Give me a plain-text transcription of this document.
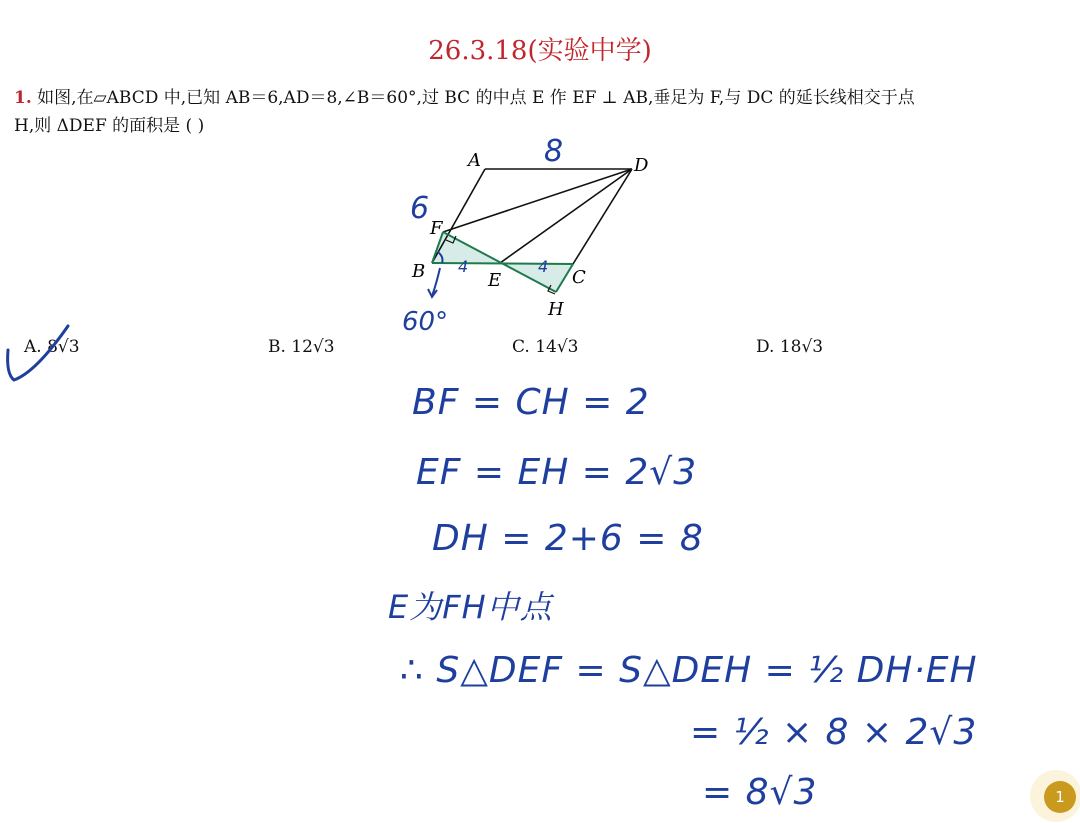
26.3.18(实验中学)
1. 如图,在▱ABCD 中,已知 AB＝6,AD＝8,∠B＝60°,过 BC 的中点 E 作 EF ⊥ AB,垂足为 F,与 DC 的延长线相交于点
H,则 ΔDEF 的面积是 ( )
A	D
F
B	E	C
H
8
6
4	4
60°
A. 8√3	B. 12√3	C. 14√3	D. 18√3
BF = CH = 2
EF = EH = 2√3
DH = 2+6 = 8
E为FH中点
∴ S△DEF = S△DEH = ½ DH·EH
= ½ × 8 × 2√3
= 8√3	1
